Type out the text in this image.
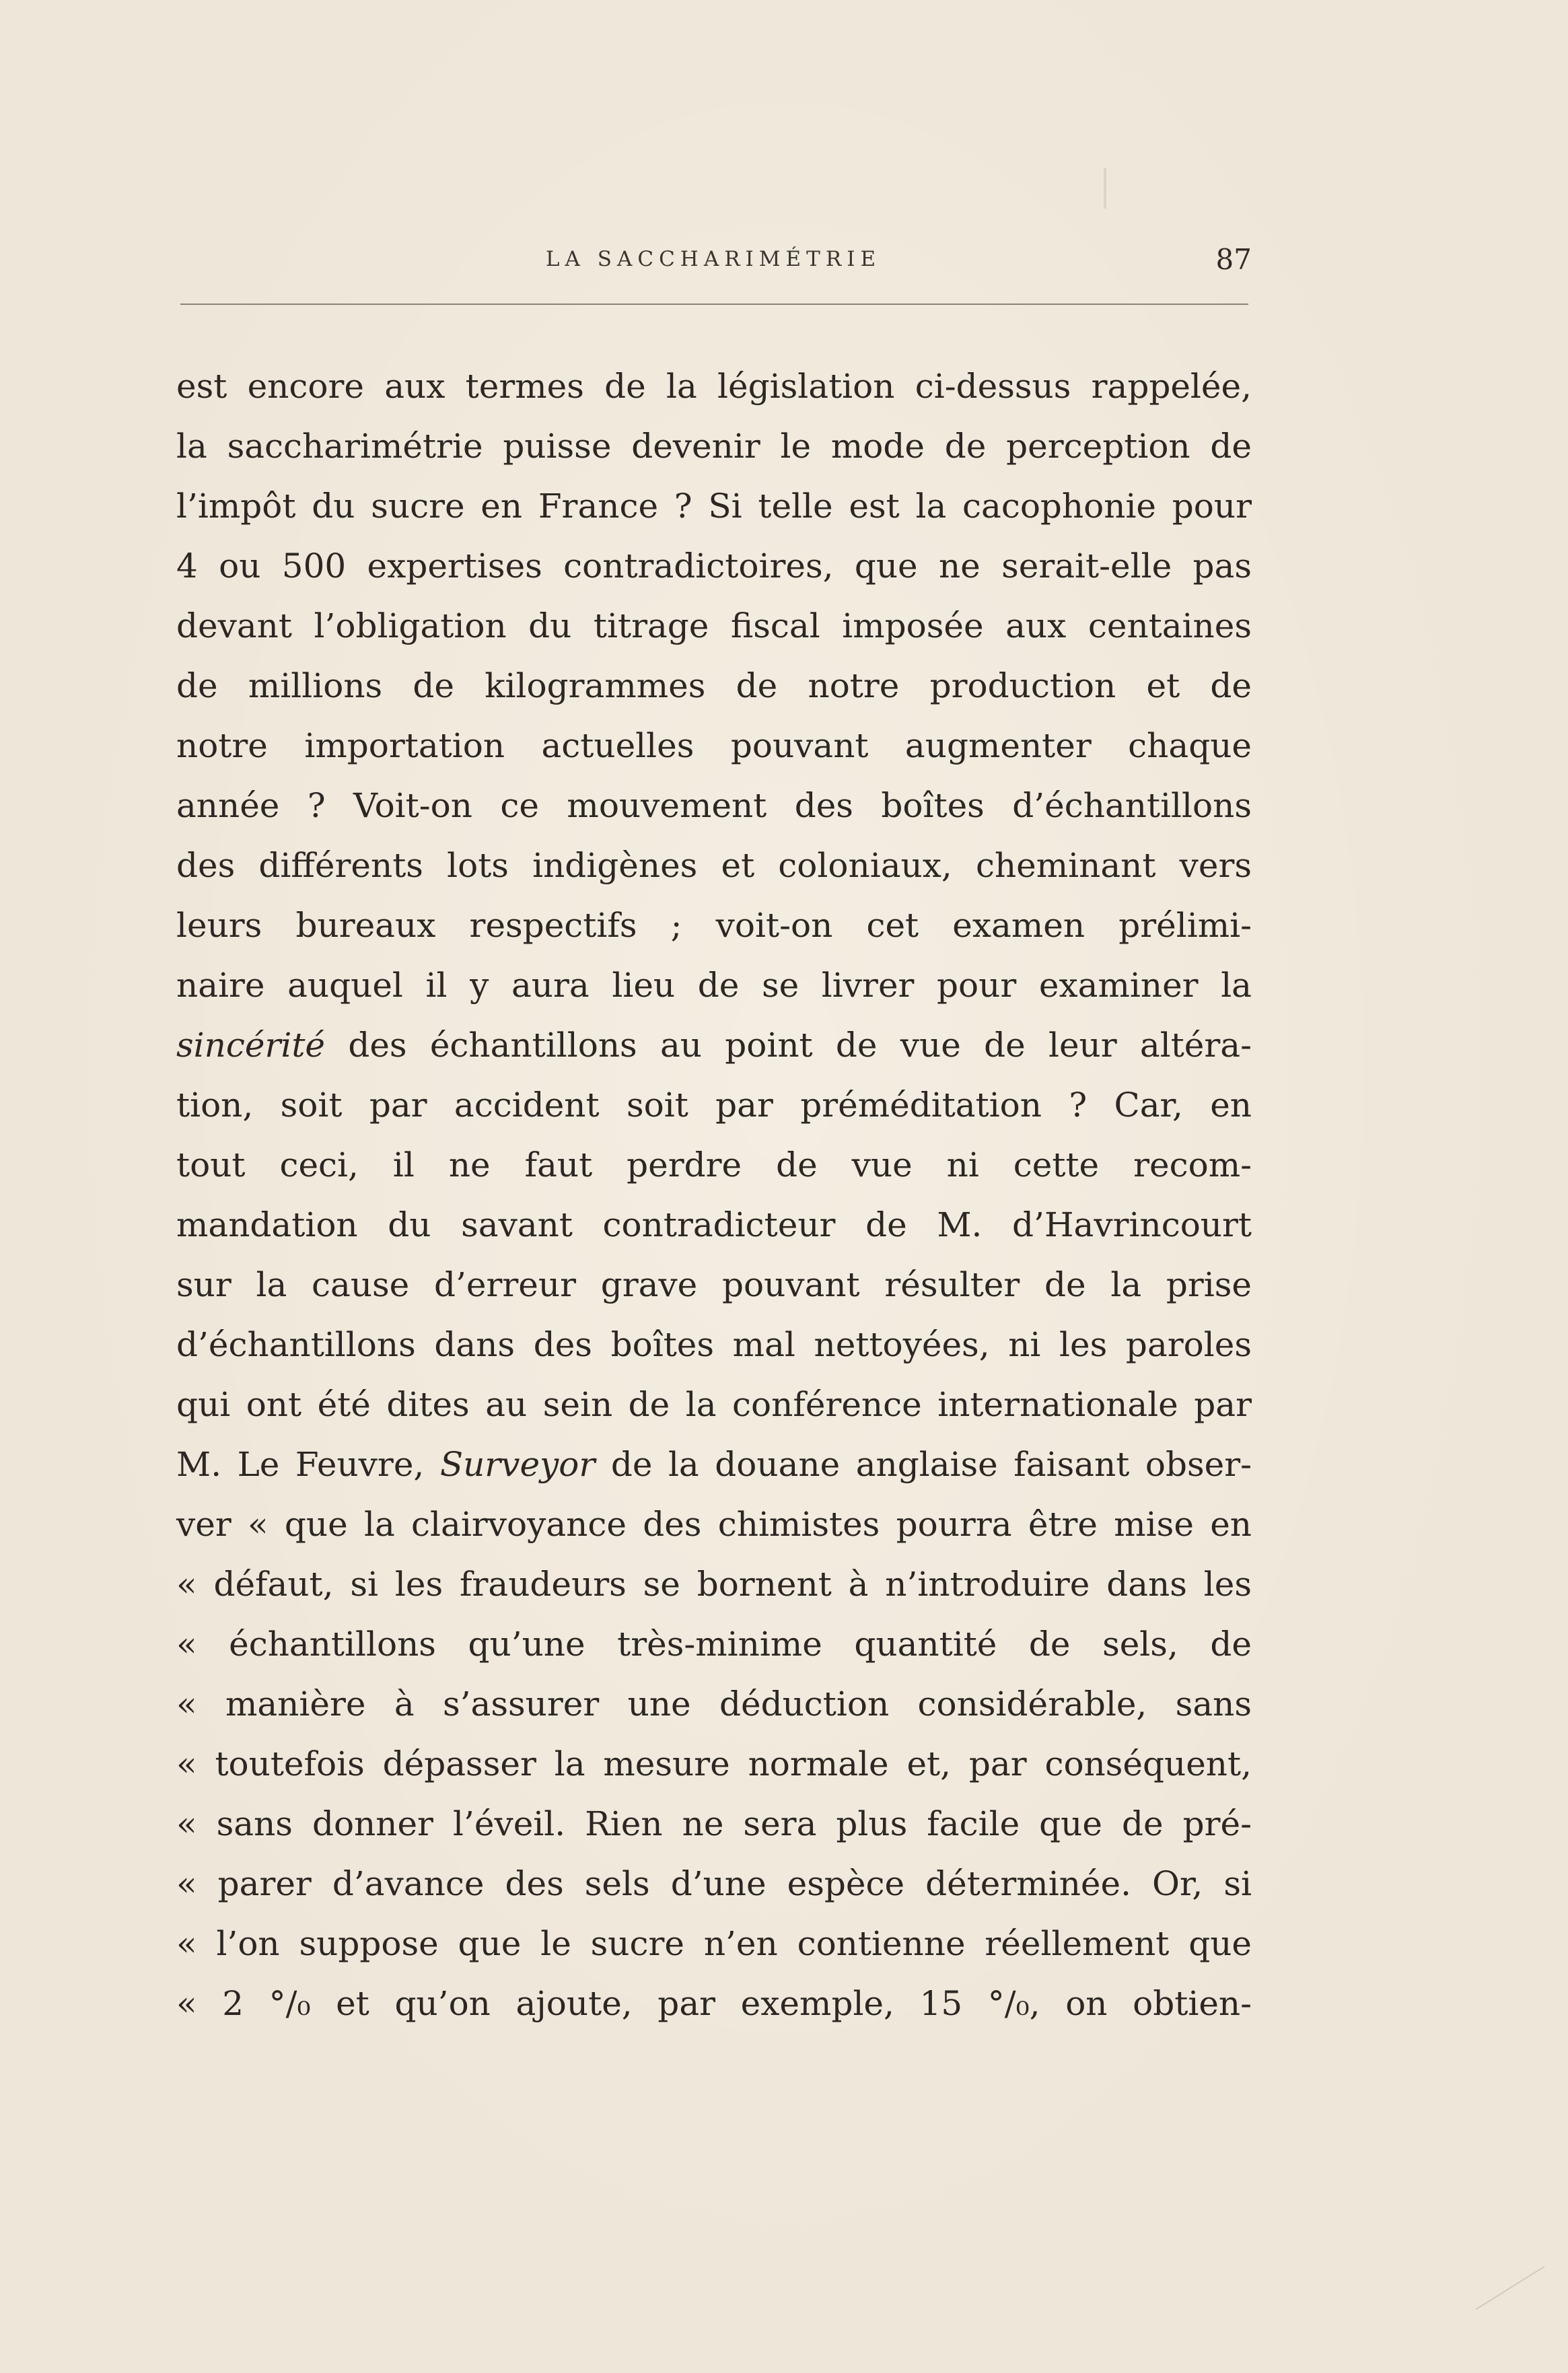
LA SACCHARIMÉTRIE	87
est encore aux termes de la législation ci-dessus rappelée,
la saccharimétrie puisse devenir le mode de perception de
l’impôt du sucre en France ? Si telle est la cacophonie pour
4 ou 500 expertises contradictoires, que ne serait-elle pas
devant l’obligation du titrage fiscal imposée aux centaines
de millions de kilogrammes de notre production et de
notre importation actuelles pouvant augmenter chaque
année ? Voit-on ce mouvement des boîtes d’échantillons
des différents lots indigènes et coloniaux, cheminant vers
leurs bureaux respectifs ; voit-on cet examen prélimi-
naire auquel il y aura lieu de se livrer pour examiner la
sincérité des échantillons au point de vue de leur altéra-
tion, soit par accident soit par préméditation ? Car, en
tout ceci, il ne faut perdre de vue ni cette recom-
mandation du savant contradicteur de M. d’Havrincourt
sur la cause d’erreur grave pouvant résulter de la prise
d’échantillons dans des boîtes mal nettoyées, ni les paroles
qui ont été dites au sein de la conférence internationale par
M. Le Feuvre, Surveyor de la douane anglaise faisant obser-
ver « que la clairvoyance des chimistes pourra être mise en
« défaut, si les fraudeurs se bornent à n’introduire dans les
« échantillons qu’une très-minime quantité de sels, de
« manière à s’assurer une déduction considérable, sans
« toutefois dépasser la mesure normale et, par conséquent,
« sans donner l’éveil. Rien ne sera plus facile que de pré-
« parer d’avance des sels d’une espèce déterminée. Or, si
« l’on suppose que le sucre n’en contienne réellement que
« 2 °/₀ et qu’on ajoute, par exemple, 15 °/₀, on obtien-
